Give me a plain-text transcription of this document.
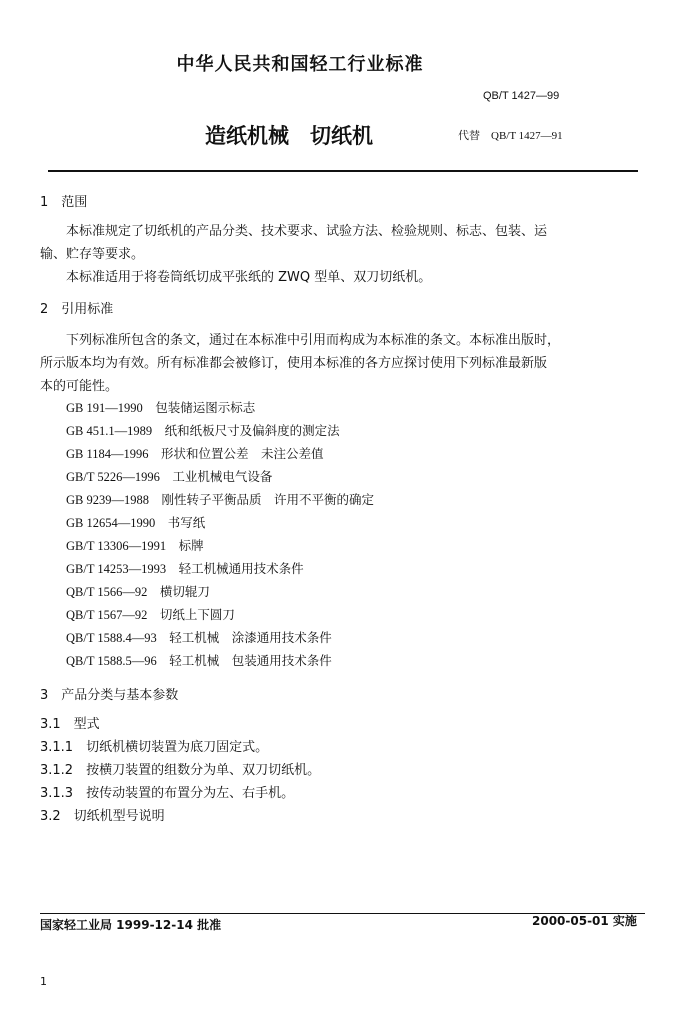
中华人民共和国轻工行业标准
QB/T 1427—99
造纸机械　切纸机	代替　QB/T 1427—91
1　范围
本标准规定了切纸机的产品分类、技术要求、试验方法、检验规则、标志、包装、运
输、贮存等要求。
本标准适用于将卷筒纸切成平张纸的 ZWQ 型单、双刀切纸机。
2　引用标准
下列标准所包含的条文，通过在本标准中引用而构成为本标准的条文。本标准出版时，
所示版本均为有效。所有标准都会被修订，使用本标准的各方应探讨使用下列标准最新版
本的可能性。
GB 191—1990　 包装储运图示标志
GB 451.1—1989　 纸和纸板尺寸及偏斜度的测定法
GB 1184—1996　 形状和位置公差　未注公差值
GB/T 5226—1996　 工业机械电气设备
GB 9239—1988　 刚性转子平衡品质　许用不平衡的确定
GB 12654—1990　 书写纸
GB/T 13306—1991　 标牌
GB/T 14253—1993　 轻工机械通用技术条件
QB/T 1566—92　 横切辊刀
QB/T 1567—92　 切纸上下圆刀
QB/T 1588.4—93　 轻工机械　涂漆通用技术条件
QB/T 1588.5—96　 轻工机械　包装通用技术条件
3　产品分类与基本参数
3.1　型式
3.1.1　切纸机横切装置为底刀固定式。
3.1.2　按横刀装置的组数分为单、双刀切纸机。
3.1.3　按传动装置的布置分为左、右手机。
3.2　切纸机型号说明
国家轻工业局 1999-12-14 批准	2000-05-01 实施
1
